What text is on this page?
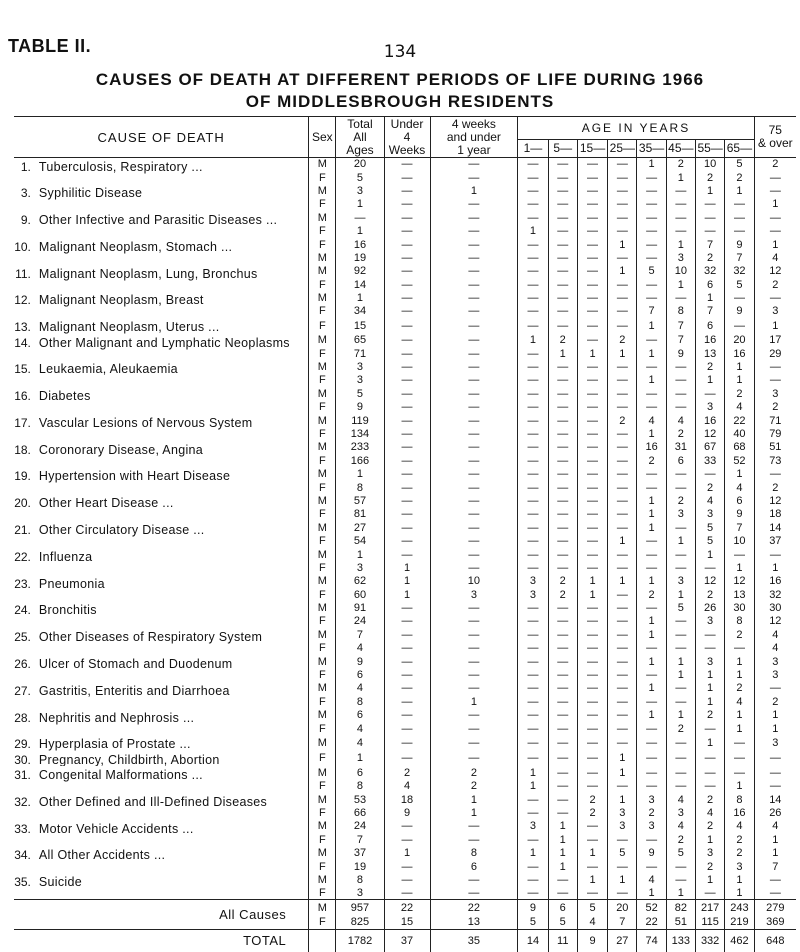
TABLE II.	134
CAUSES OF DEATH AT DIFFERENT PERIODS OF LIFE DURING 1966
OF MIDDLESBROUGH RESIDENTS
CAUSE OF DEATH		Sex	Total
All
Ages	Under
4
Weeks	4 weeks
and under
1 year	AGE IN YEARS								75
& over
						1—	5—	15—	25—	35—	45—	55—	65—	
1.	Tuberculosis, Respiratory ...	M	20	—	—	—	—	—	—	1	2	10	5	2
		F	5	—	—	—	—	—	—	—	1	2	2	—
3.	Syphilitic Disease	M	3	—	1	—	—	—	—	—	—	1	1	—
		F	1	—	—	—	—	—	—	—	—	—	—	1
9.	Other Infective and Parasitic Diseases ...	M	—	—	—	—	—	—	—	—	—	—	—	—
		F	1	—	—	1	—	—	—	—	—	—	—	—
10.	Malignant Neoplasm, Stomach ...	F	16	—	—	—	—	—	1	—	1	7	9	1
		M	19	—	—	—	—	—	—	—	3	2	7	4
11.	Malignant Neoplasm, Lung, Bronchus	M	92	—	—	—	—	—	1	5	10	32	32	12
		F	14	—	—	—	—	—	—	—	1	6	5	2
12.	Malignant Neoplasm, Breast	M	1	—	—	—	—	—	—	—	—	1	—	—
		F	34	—	—	—	—	—	—	7	8	7	9	3
13.	Malignant Neoplasm, Uterus ...	F	15	—	—	—	—	—	—	1	7	6	—	1
14.	Other Malignant and Lymphatic Neoplasms	M	65	—	—	1	2	—	2	—	7	16	20	17
		F	71	—	—	—	1	1	1	1	9	13	16	29
15.	Leukaemia, Aleukaemia	M	3	—	—	—	—	—	—	—	—	2	1	—
		F	3	—	—	—	—	—	—	1	—	1	1	—
16.	Diabetes	M	5	—	—	—	—	—	—	—	—	—	2	3
		F	9	—	—	—	—	—	—	—	—	3	4	2
17.	Vascular Lesions of Nervous System	M	119	—	—	—	—	—	2	4	4	16	22	71
		F	134	—	—	—	—	—	—	1	2	12	40	79
18.	Coronorary Disease, Angina	M	233	—	—	—	—	—	—	16	31	67	68	51
		F	166	—	—	—	—	—	—	2	6	33	52	73
19.	Hypertension with Heart Disease	M	1	—	—	—	—	—	—	—	—	—	1	—
		F	8	—	—	—	—	—	—	—	—	2	4	2
20.	Other Heart Disease ...	M	57	—	—	—	—	—	—	1	2	4	6	12
		F	81	—	—	—	—	—	—	1	3	3	9	18
21.	Other Circulatory Disease ...	M	27	—	—	—	—	—	—	1	—	5	7	14
		F	54	—	—	—	—	—	1	—	1	5	10	37
22.	Influenza	M	1	—	—	—	—	—	—	—	—	1	—	—
		F	3	1	—	—	—	—	—	—	—	—	1	1
23.	Pneumonia	M	62	1	10	3	2	1	1	1	3	12	12	16
		F	60	1	3	3	2	1	—	2	1	2	13	32
24.	Bronchitis	M	91	—	—	—	—	—	—	—	5	26	30	30
		F	24	—	—	—	—	—	—	1	—	3	8	12
25.	Other Diseases of Respiratory System	M	7	—	—	—	—	—	—	1	—	—	2	4
		F	4	—	—	—	—	—	—	—	—	—	—	4
26.	Ulcer of Stomach and Duodenum	M	9	—	—	—	—	—	—	1	1	3	1	3
		F	6	—	—	—	—	—	—	—	1	1	1	3
27.	Gastritis, Enteritis and Diarrhoea	M	4	—	—	—	—	—	—	1	—	1	2	—
		F	8	—	1	—	—	—	—	—	—	1	4	2
28.	Nephritis and Nephrosis ...	M	6	—	—	—	—	—	—	1	1	2	1	1
		F	4	—	—	—	—	—	—	—	2	—	1	1
29.	Hyperplasia of Prostate ...	M	4	—	—	—	—	—	—	—	—	1	—	3
30.	Pregnancy, Childbirth, Abortion	F	1	—	—	—	—	—	1	—	—	—	—	—
31.	Congenital Malformations ...	M	6	2	2	1	—	—	1	—	—	—	—	—
		F	8	4	2	1	—	—	—	—	—	—	1	—
32.	Other Defined and Ill-Defined Diseases	M	53	18	1	—	—	2	1	3	4	2	8	14
		F	66	9	1	—	—	2	3	2	3	4	16	26
33.	Motor Vehicle Accidents ...	M	24	—	—	3	1	—	3	3	4	2	4	4
		F	7	—	—	—	1	—	—	—	2	1	2	1
34.	All Other Accidents ...	M	37	1	8	1	1	1	5	9	5	3	2	1
		F	19	—	6	—	1	—	—	—	—	2	3	7
35.	Suicide	M	8	—	—	—	—	1	1	4	—	1	1	—
		F	3	—	—	—	—	—	—	1	1	—	1	—
All Causes		M	957	22	22	9	6	5	20	52	82	217	243	279
		F	825	15	13	5	5	4	7	22	51	115	219	369
TOTAL			1782	37	35	14	11	9	27	74	133	332	462	648
